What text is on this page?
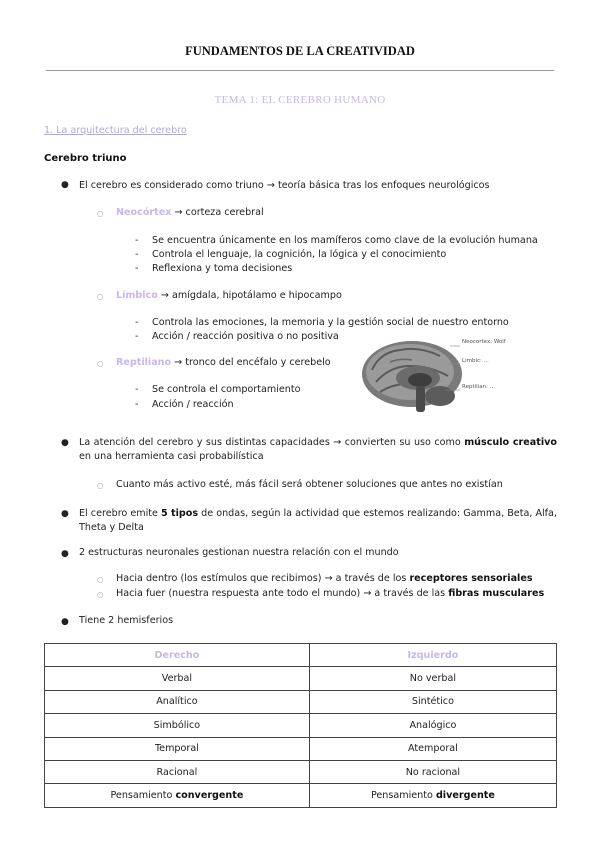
FUNDAMENTOS DE LA CREATIVIDAD
TEMA 1: EL CEREBRO HUMANO
1. La arquitectura del cerebro
Cerebro triuno
● El cerebro es considerado como triuno → teoría básica tras los enfoques neurológicos
○ Neocórtex → corteza cerebral
- Se encuentra únicamente en los mamíferos como clave de la evolución humana
- Controla el lenguaje, la cognición, la lógica y el conocimiento
- Reflexiona y toma decisiones
○ Límbico → amígdala, hipotálamo e hipocampo
- Controla las emociones, la memoria y la gestión social de nuestro entorno
- Acción / reacción positiva o no positiva
○ Reptiliano → tronco del encéfalo y cerebelo
- Se controla el comportamiento
- Acción / reacción
Neocortex: Wolf
Limbic: ...
Reptilian: ...
● La atención del cerebro y sus distintas capacidades → convierten su uso como músculo creativo en una herramienta casi probabilística
○ Cuanto más activo esté, más fácil será obtener soluciones que antes no existían
● El cerebro emite 5 tipos de ondas, según la actividad que estemos realizando: Gamma, Beta, Alfa, Theta y Delta
● 2 estructuras neuronales gestionan nuestra relación con el mundo
○ Hacia dentro (los estímulos que recibimos) → a través de los receptores sensoriales
○ Hacia fuer (nuestra respuesta ante todo el mundo) → a través de las fibras musculares
● Tiene 2 hemisferios
Derecho	Izquierdo
Verbal	No verbal
Analítico	Sintético
Simbólico	Analógico
Temporal	Atemporal
Racional	No racional
Pensamiento convergente	Pensamiento divergente
